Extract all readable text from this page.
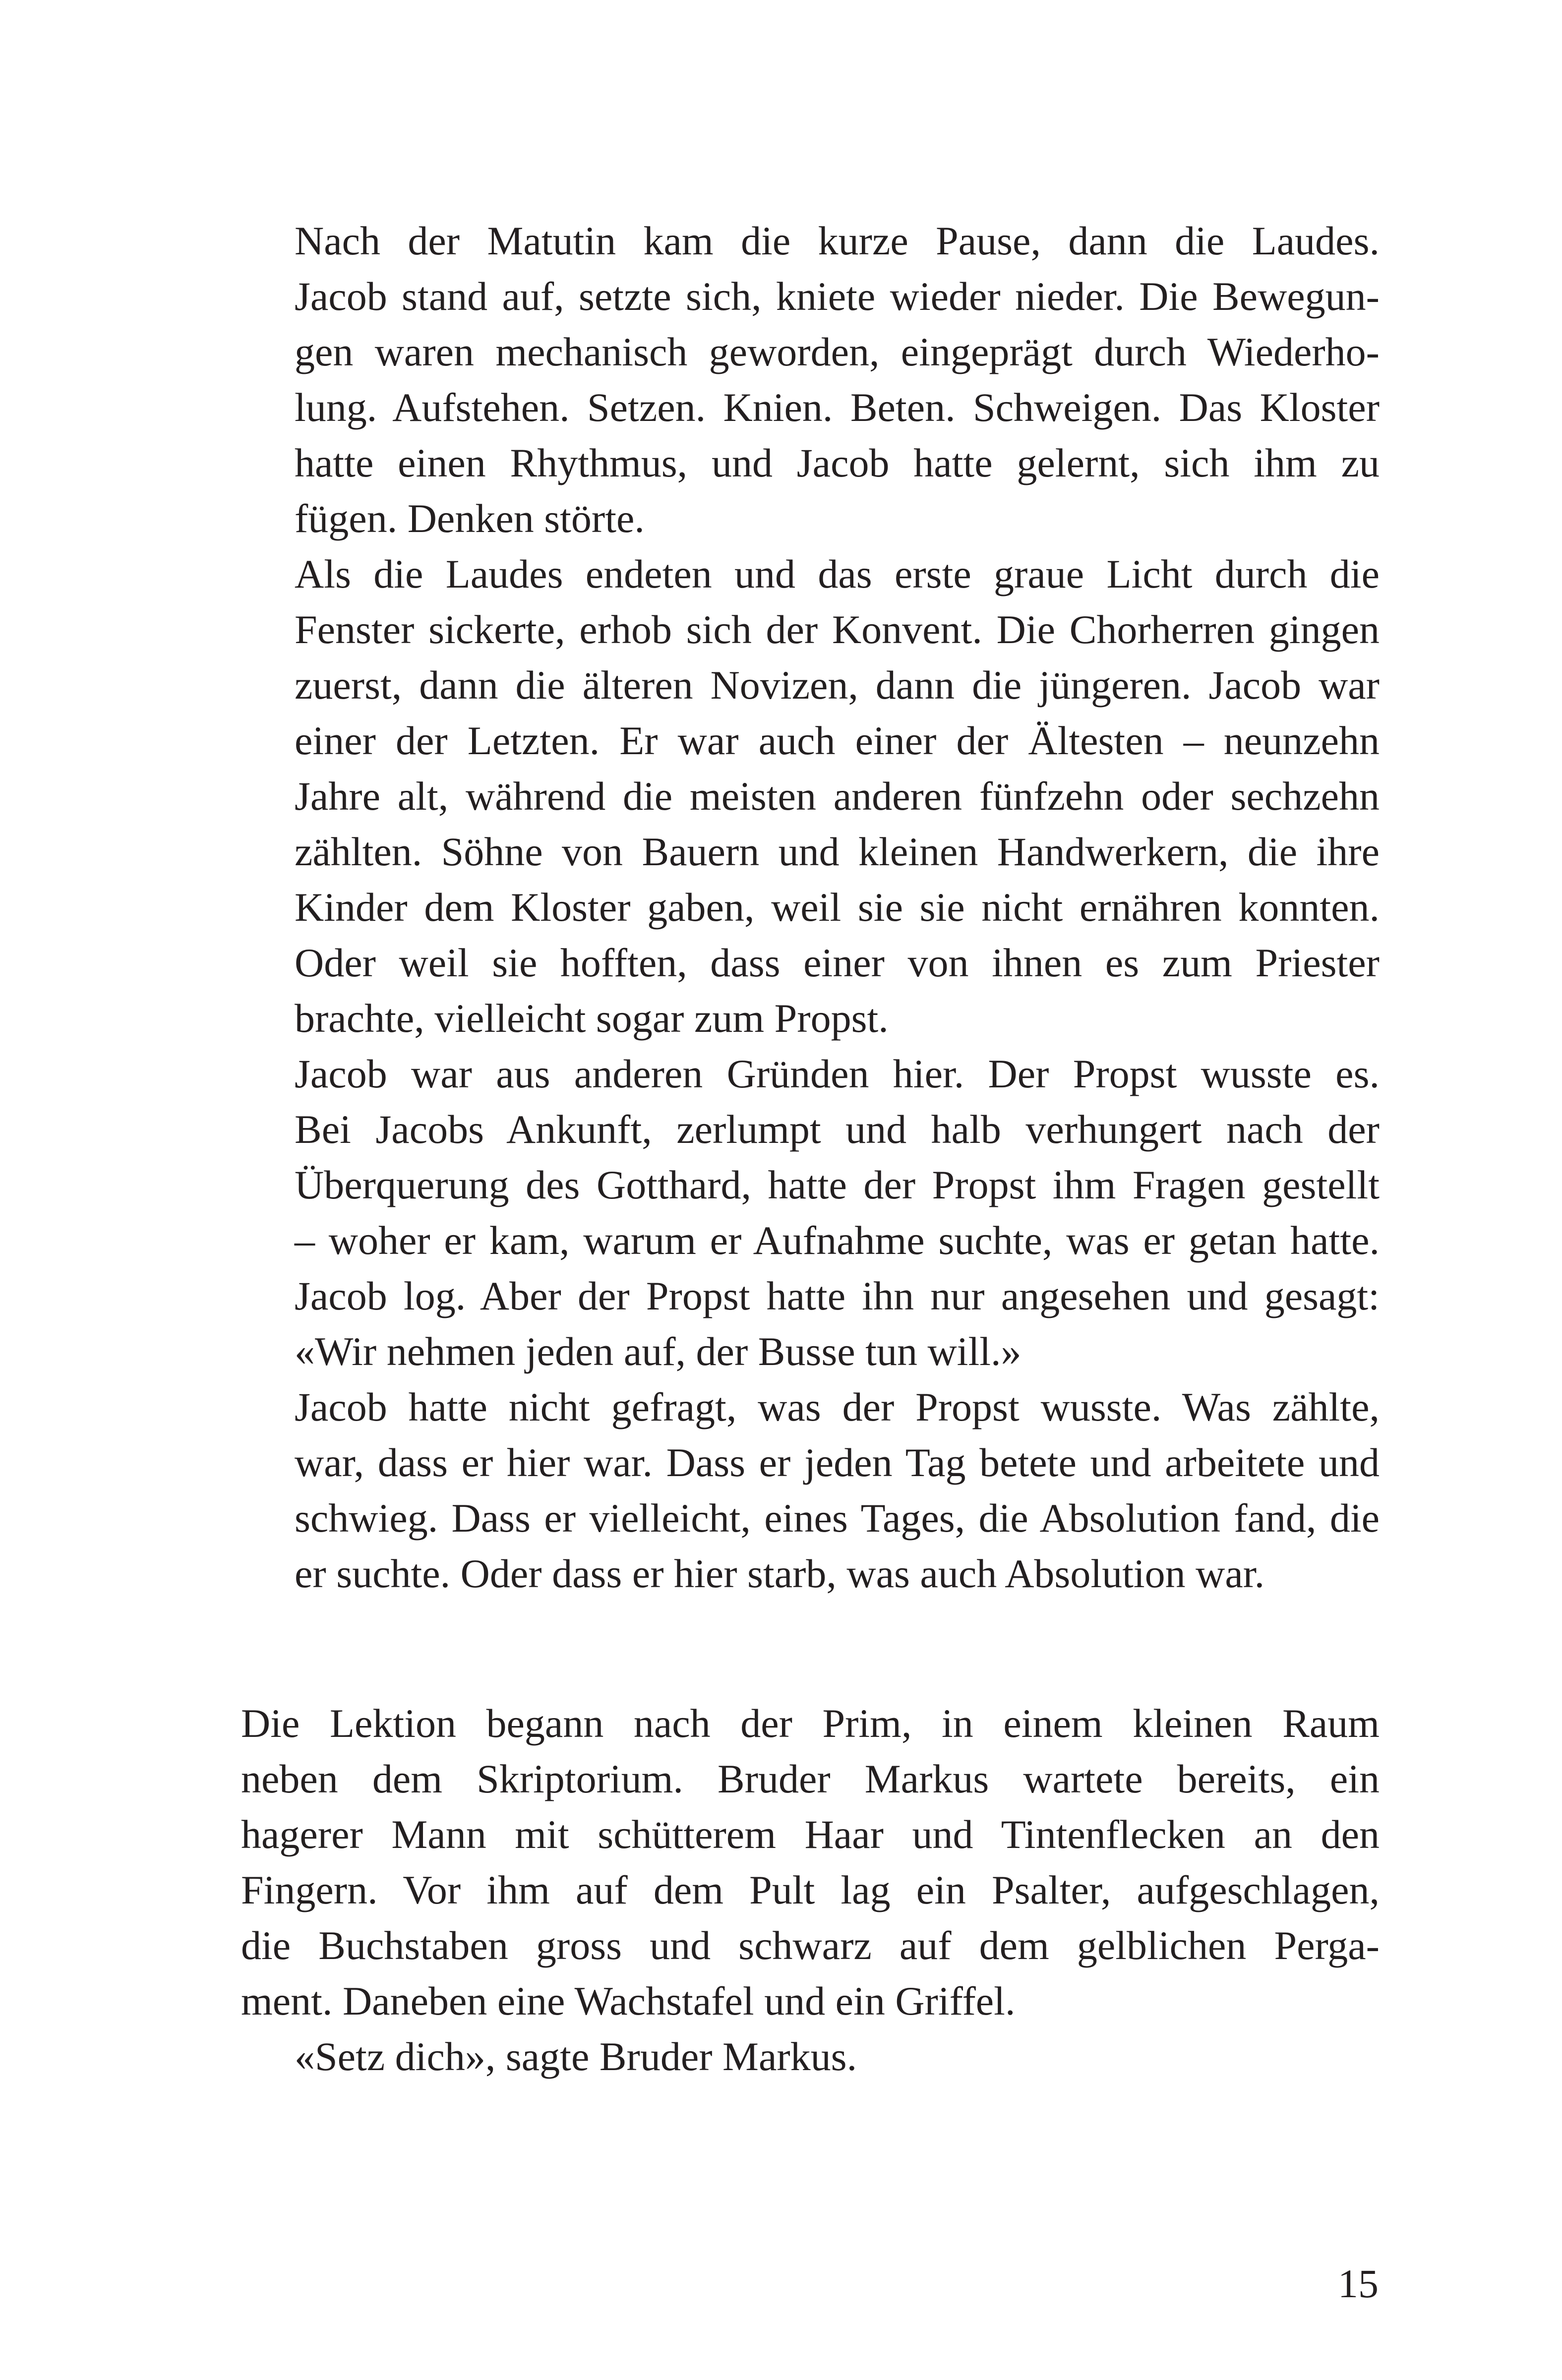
Nach der Matutin kam die kurze Pause, dann die Laudes.
Jacob stand auf, setzte sich, kniete wieder nieder. Die Bewegun-
gen waren mechanisch geworden, eingeprägt durch Wiederho-
lung. Aufstehen. Setzen. Knien. Beten. Schweigen. Das Kloster
hatte einen Rhythmus, und Jacob hatte gelernt, sich ihm zu
fügen. Denken störte.

Als die Laudes endeten und das erste graue Licht durch die
Fenster sickerte, erhob sich der Konvent. Die Chorherren gingen
zuerst, dann die älteren Novizen, dann die jüngeren. Jacob war
einer der Letzten. Er war auch einer der Ältesten – neunzehn
Jahre alt, während die meisten anderen fünfzehn oder sechzehn
zählten. Söhne von Bauern und kleinen Handwerkern, die ihre
Kinder dem Kloster gaben, weil sie sie nicht ernähren konnten.
Oder weil sie hofften, dass einer von ihnen es zum Priester
brachte, vielleicht sogar zum Propst.

Jacob war aus anderen Gründen hier. Der Propst wusste es.
Bei Jacobs Ankunft, zerlumpt und halb verhungert nach der
Überquerung des Gotthard, hatte der Propst ihm Fragen gestellt
– woher er kam, warum er Aufnahme suchte, was er getan hatte.
Jacob log. Aber der Propst hatte ihn nur angesehen und gesagt:
«Wir nehmen jeden auf, der Busse tun will.»

Jacob hatte nicht gefragt, was der Propst wusste. Was zählte,
war, dass er hier war. Dass er jeden Tag betete und arbeitete und
schwieg. Dass er vielleicht, eines Tages, die Absolution fand, die
er suchte. Oder dass er hier starb, was auch Absolution war.

Die Lektion begann nach der Prim, in einem kleinen Raum
neben dem Skriptorium. Bruder Markus wartete bereits, ein
hagerer Mann mit schütterem Haar und Tintenflecken an den
Fingern. Vor ihm auf dem Pult lag ein Psalter, aufgeschlagen,
die Buchstaben gross und schwarz auf dem gelblichen Perga-
ment. Daneben eine Wachstafel und ein Griffel.

«Setz dich», sagte Bruder Markus.

15
